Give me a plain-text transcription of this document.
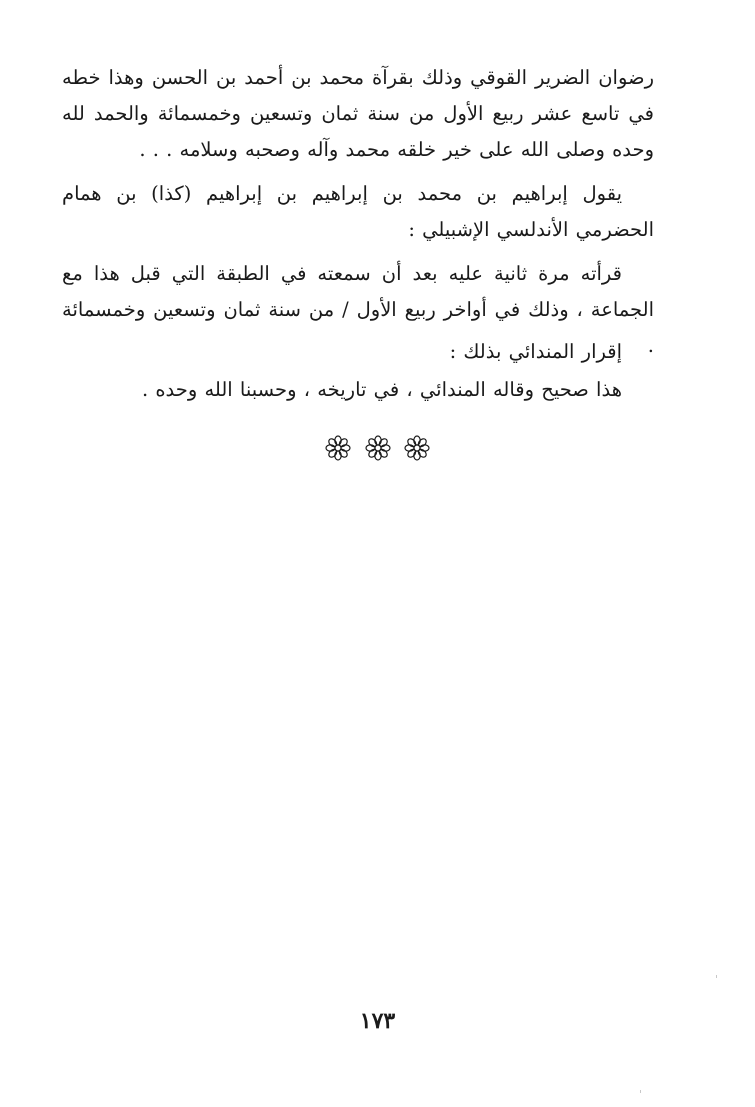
رضوان الضرير القوقي وذلك بقرآة محمد بن أحمد بن الحسن وهذا خطه في تاسع عشر ربيع الأول من سنة ثمان وتسعين وخمسمائة والحمد لله وحده وصلى الله على خير خلقه محمد وآله وصحبه وسلامه . . .

يقول إبراهيم بن محمد بن إبراهيم بن إبراهيم (كذا) بن همام الحضرمي الأندلسي الإشبيلي :

قرأته مرة ثانية عليه بعد أن سمعته في الطبقة التي قبل هذا مع الجماعة ، وذلك في أواخر ربيع الأول / من سنة ثمان وتسعين وخمسمائة .

إقرار المندائي بذلك :

هذا صحيح وقاله المندائي ، في تاريخه ، وحسبنا الله وحده .

١٧٣
